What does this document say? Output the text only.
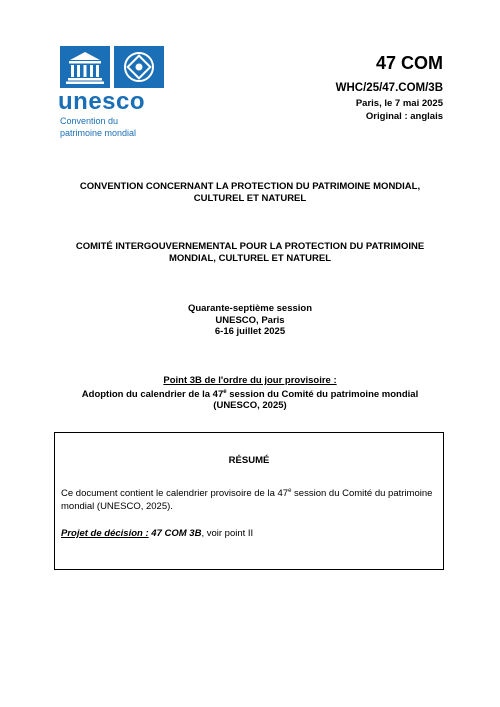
unesco
Convention du
patrimoine mondial
47 COM
WHC/25/47.COM/3B
Paris, le 7 mai 2025
Original : anglais
CONVENTION CONCERNANT LA PROTECTION DU PATRIMOINE MONDIAL,
CULTUREL ET NATUREL
COMITÉ INTERGOUVERNEMENTAL POUR LA PROTECTION DU PATRIMOINE
MONDIAL, CULTUREL ET NATUREL
Quarante-septième session
UNESCO, Paris
6-16 juillet 2025
Point 3B de l'ordre du jour provisoire :
Adoption du calendrier de la 47e session du Comité du patrimoine mondial
(UNESCO, 2025)
RÉSUMÉ
Ce document contient le calendrier provisoire de la 47e session du Comité du patrimoine
mondial (UNESCO, 2025).
Projet de décision : 47 COM 3B, voir point II
